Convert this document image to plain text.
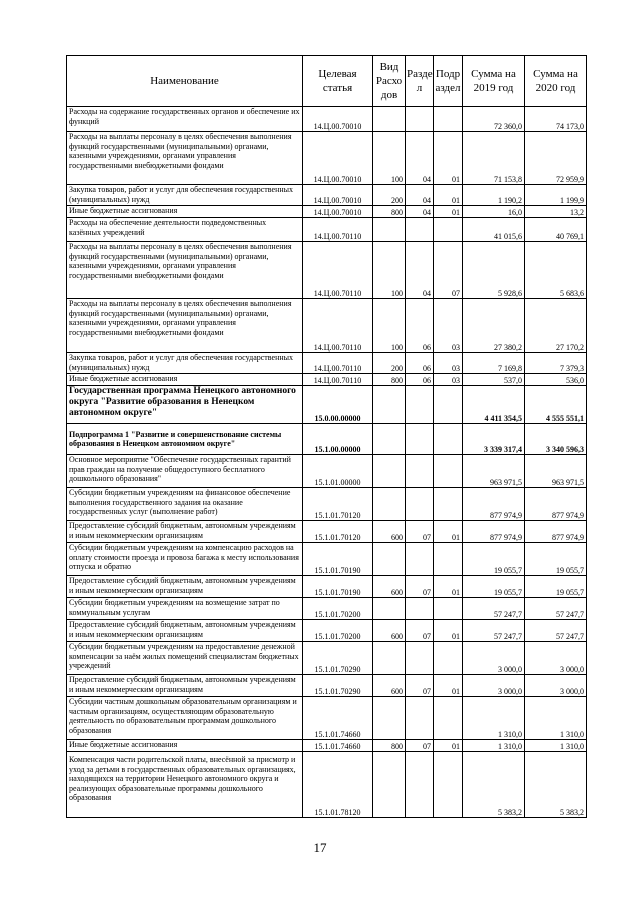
Наименование	Целевая статья	Вид Расхо дов	Разде л	Подр аздел	Сумма на 2019 год	Сумма на 2020 год
Расходы на содержание государственных органов и обеспечение их функций	14.Ц.00.70010				72 360,0	74 173,0
Расходы на выплаты персоналу в целях обеспечения выполнения функций государственными (муниципальными) органами, казенными учреждениями, органами управления государственными внебюджетными фондами	14.Ц.00.70010	100	04	01	71 153,8	72 959,9
Закупка товаров, работ и услуг для обеспечения государственных (муниципальных) нужд	14.Ц.00.70010	200	04	01	1 190,2	1 199,9
Иные бюджетные ассигнования	14.Ц.00.70010	800	04	01	16,0	13,2
Расходы на обеспечение деятельности подведомственных казённых учреждений	14.Ц.00.70110				41 015,6	40 769,1
Расходы на выплаты персоналу в целях обеспечения выполнения функций государственными (муниципальными) органами, казенными учреждениями, органами управления государственными внебюджетными фондами	14.Ц.00.70110	100	04	07	5 928,6	5 683,6
Расходы на выплаты персоналу в целях обеспечения выполнения функций государственными (муниципальными) органами, казенными учреждениями, органами управления государственными внебюджетными фондами	14.Ц.00.70110	100	06	03	27 380,2	27 170,2
Закупка товаров, работ и услуг для обеспечения государственных (муниципальных) нужд	14.Ц.00.70110	200	06	03	7 169,8	7 379,3
Иные бюджетные ассигнования	14.Ц.00.70110	800	06	03	537,0	536,0
Государственная программа Ненецкого автономного округа "Развитие образования в Ненецком автономном округе"	15.0.00.00000				4 411 354,5	4 555 551,1
Подпрограмма 1 "Развитие и совершенствование системы образования в Ненецком автономном округе"	15.1.00.00000				3 339 317,4	3 340 596,3
Основное мероприятие "Обеспечение государственных гарантий прав граждан на получение общедоступного бесплатного дошкольного образования"	15.1.01.00000				963 971,5	963 971,5
Субсидии бюджетным учреждениям на финансовое обеспечение выполнения государственного задания на оказание государственных услуг (выполнение работ)	15.1.01.70120				877 974,9	877 974,9
Предоставление субсидий бюджетным, автономным учреждениям и иным некоммерческим организациям	15.1.01.70120	600	07	01	877 974,9	877 974,9
Субсидии бюджетным учреждениям на компенсацию расходов на оплату стоимости проезда и провоза багажа к месту использования отпуска и обратно	15.1.01.70190				19 055,7	19 055,7
Предоставление субсидий бюджетным, автономным учреждениям и иным некоммерческим организациям	15.1.01.70190	600	07	01	19 055,7	19 055,7
Субсидии бюджетным учреждениям на возмещение затрат по коммунальным услугам	15.1.01.70200				57 247,7	57 247,7
Предоставление субсидий бюджетным, автономным учреждениям и иным некоммерческим организациям	15.1.01.70200	600	07	01	57 247,7	57 247,7
Субсидии бюджетным учреждениям на предоставление денежной компенсации за наём жилых помещений специалистам бюджетных учреждений	15.1.01.70290				3 000,0	3 000,0
Предоставление субсидий бюджетным, автономным учреждениям и иным некоммерческим организациям	15.1.01.70290	600	07	01	3 000,0	3 000,0
Субсидии частным дошкольным образовательным организациям и частным организациям, осуществляющим образовательную деятельность по образовательным программам дошкольного образования	15.1.01.74660				1 310,0	1 310,0
Иные бюджетные ассигнования	15.1.01.74660	800	07	01	1 310,0	1 310,0
Компенсация части родительской платы, внесённой за присмотр и уход за детьми в государственных образовательных организациях, находящихся на территории Ненецкого автономного округа и реализующих образовательные программы дошкольного образования	15.1.01.78120				5 383,2	5 383,2
17
